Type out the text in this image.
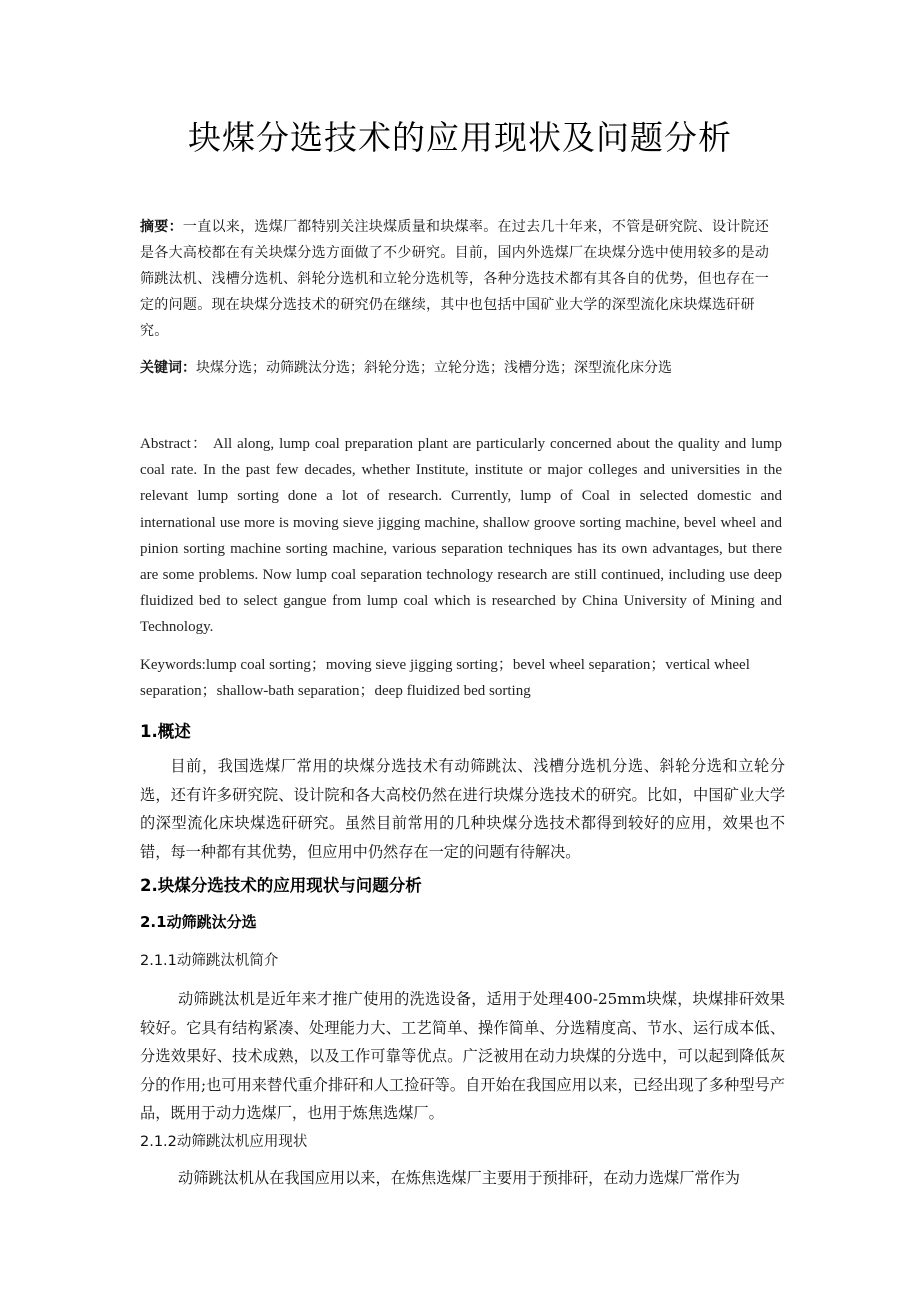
块煤分选技术的应用现状及问题分析
摘要：一直以来，选煤厂都特别关注块煤质量和块煤率。在过去几十年来，不管是研究院、设计院还是各大高校都在有关块煤分选方面做了不少研究。目前，国内外选煤厂在块煤分选中使用较多的是动筛跳汰机、浅槽分选机、斜轮分选机和立轮分选机等，各种分选技术都有其各自的优势，但也存在一定的问题。现在块煤分选技术的研究仍在继续，其中也包括中国矿业大学的深型流化床块煤选矸研究。
关键词：块煤分选；动筛跳汰分选；斜轮分选；立轮分选；浅槽分选；深型流化床分选
Abstract： All along, lump coal preparation plant are particularly concerned about the quality and lump coal rate. In the past few decades, whether Institute, institute or major colleges and universities in the relevant lump sorting done a lot of research. Currently, lump of Coal in selected domestic and international use more is moving sieve jigging machine, shallow groove sorting machine, bevel wheel and pinion sorting machine sorting machine, various separation techniques has its own advantages, but there are some problems. Now lump coal separation technology research are still continued, including use deep fluidized bed to select gangue from lump coal which is researched by China University of Mining and Technology.
Keywords:lump coal sorting；moving sieve jigging sorting；bevel wheel separation；vertical wheel separation；shallow-bath separation；deep fluidized bed sorting
1.概述
目前，我国选煤厂常用的块煤分选技术有动筛跳汰、浅槽分选机分选、斜轮分选和立轮分选，还有许多研究院、设计院和各大高校仍然在进行块煤分选技术的研究。比如，中国矿业大学的深型流化床块煤选矸研究。虽然目前常用的几种块煤分选技术都得到较好的应用，效果也不错，每一种都有其优势，但应用中仍然存在一定的问题有待解决。
2.块煤分选技术的应用现状与问题分析
2.1动筛跳汰分选
2.1.1动筛跳汰机简介
动筛跳汰机是近年来才推广使用的洗选设备，适用于处理400-25mm块煤，块煤排矸效果较好。它具有结构紧凑、处理能力大、工艺简单、操作简单、分选精度高、节水、运行成本低、分选效果好、技术成熟，以及工作可靠等优点。广泛被用在动力块煤的分选中，可以起到降低灰分的作用;也可用来替代重介排矸和人工捡矸等。自开始在我国应用以来，已经出现了多种型号产品，既用于动力选煤厂，也用于炼焦选煤厂。
2.1.2动筛跳汰机应用现状
动筛跳汰机从在我国应用以来，在炼焦选煤厂主要用于预排矸，在动力选煤厂常作为
